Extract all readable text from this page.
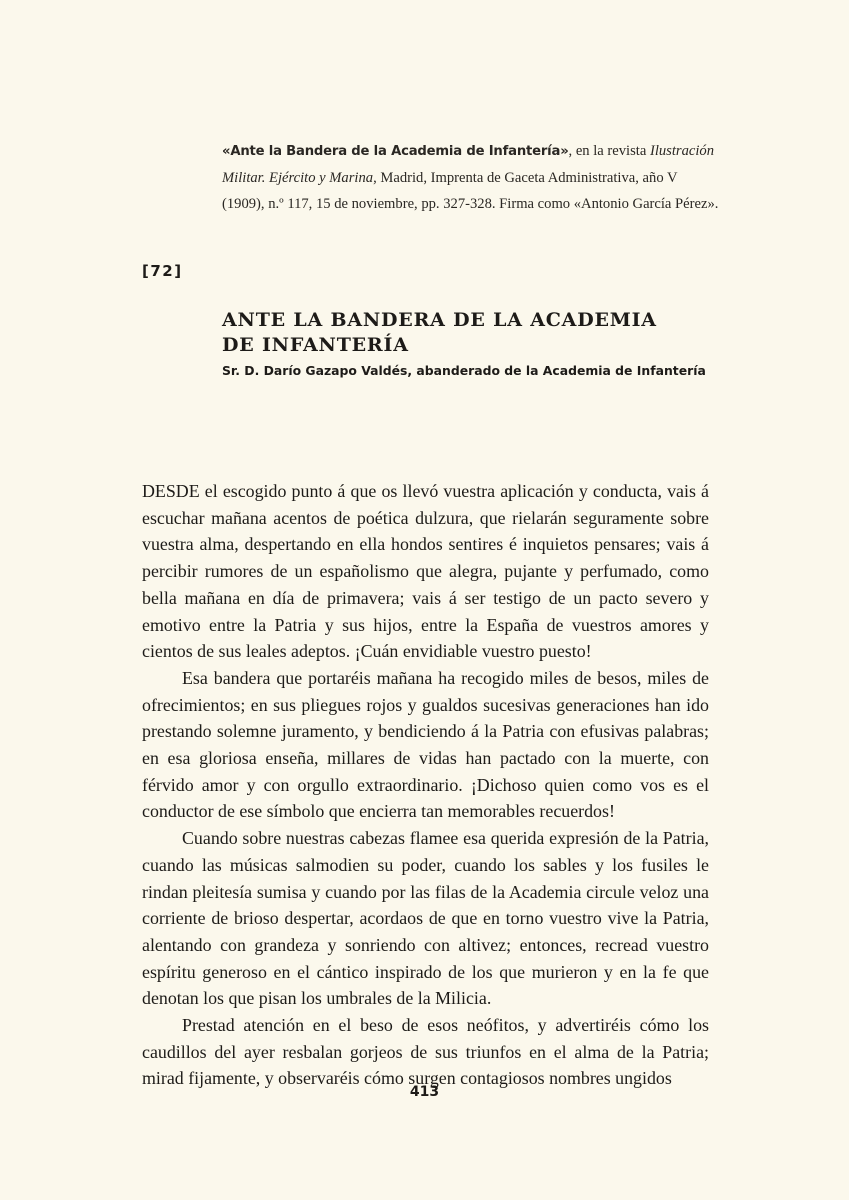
«Ante la Bandera de la Academia de Infantería», en la revista Ilustración Militar. Ejército y Marina, Madrid, Imprenta de Gaceta Administrativa, año V (1909), n.º 117, 15 de noviembre, pp. 327-328. Firma como «Antonio García Pérez».
[72]
ANTE LA BANDERA DE LA ACADEMIA
DE INFANTERÍA
Sr. D. Darío Gazapo Valdés, abanderado de la Academia de Infantería

DESDE el escogido punto á que os llevó vuestra aplicación y conducta, vais á escuchar mañana acentos de poética dulzura, que rielarán seguramente sobre vuestra alma, despertando en ella hondos sentires é inquietos pensares; vais á percibir rumores de un españolismo que alegra, pujante y perfumado, como bella mañana en día de primavera; vais á ser testigo de un pacto severo y emotivo entre la Patria y sus hijos, entre la España de vuestros amores y cientos de sus leales adeptos. ¡Cuán envidiable vuestro puesto!

Esa bandera que portaréis mañana ha recogido miles de besos, miles de ofrecimientos; en sus pliegues rojos y gualdos sucesivas generaciones han ido prestando solemne juramento, y bendiciendo á la Patria con efusivas palabras; en esa gloriosa enseña, millares de vidas han pactado con la muerte, con férvido amor y con orgullo extraordinario. ¡Dichoso quien como vos es el conductor de ese símbolo que encierra tan memorables recuerdos!

Cuando sobre nuestras cabezas flamee esa querida expresión de la Patria, cuando las músicas salmodien su poder, cuando los sables y los fusiles le rindan pleitesía sumisa y cuando por las filas de la Academia circule veloz una corriente de brioso despertar, acordaos de que en torno vuestro vive la Patria, alentando con grandeza y sonriendo con altivez; entonces, recread vuestro espíritu generoso en el cántico inspirado de los que murieron y en la fe que denotan los que pisan los umbrales de la Milicia.

Prestad atención en el beso de esos neófitos, y advertiréis cómo los caudillos del ayer resbalan gorjeos de sus triunfos en el alma de la Patria; mirad fijamente, y observaréis cómo surgen contagiosos nombres ungidos

413
